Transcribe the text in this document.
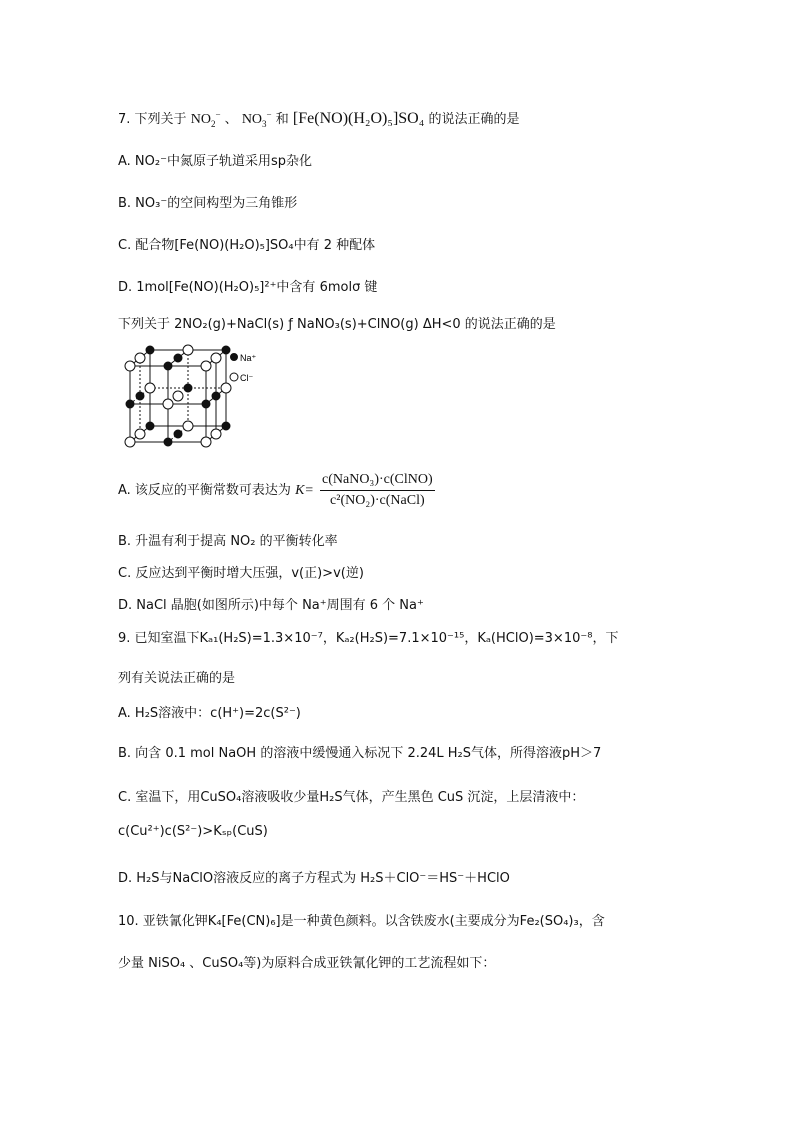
7. 下列关于 $NO_2^-$ 、 $NO_3^-$ 和 [Fe(NO)(H₂O)₅]SO₄ 的说法正确的是
A. NO₂⁻中氮原子轨道采用sp杂化
B. NO₃⁻的空间构型为三角锥形
C. 配合物[Fe(NO)(H₂O)₅]SO₄中有 2 种配体
D. 1mol[Fe(NO)(H₂O)₅]²⁺中含有 6molσ 键
下列关于 2NO₂(g)+NaCl(s) ƒ NaNO₃(s)+ClNO(g) ΔH<0 的说法正确的是
Na⁺
Cl⁻
A. 该反应的平衡常数可表达为 $K= \frac{\text{c(NaNO₃)·c(ClNO)}}{\text{c²(NO₂)·c(NaCl)}}$
B. 升温有利于提高 NO₂ 的平衡转化率
C. 反应达到平衡时增大压强，v(正)>v(逆)
D. NaCl 晶胞(如图所示)中每个 Na⁺周围有 6 个 Na⁺
9. 已知室温下Kₐ₁(H₂S)=1.3×10⁻⁷，Kₐ₂(H₂S)=7.1×10⁻¹⁵，Kₐ(HClO)=3×10⁻⁸，下
列有关说法正确的是
A. H₂S溶液中：c(H⁺)=2c(S²⁻)
B. 向含 0.1 mol NaOH 的溶液中缓慢通入标况下 2.24L H₂S气体，所得溶液pH＞7
C. 室温下，用CuSO₄溶液吸收少量H₂S气体，产生黑色 CuS 沉淀，上层清液中：
c(Cu²⁺)c(S²⁻)>Kₛₚ(CuS)
D. H₂S与NaClO溶液反应的离子方程式为 H₂S＋ClO⁻＝HS⁻＋HClO
10. 亚铁氰化钾K₄[Fe(CN)₆]是一种黄色颜料。以含铁废水(主要成分为Fe₂(SO₄)₃，含
少量 NiSO₄ 、CuSO₄等)为原料合成亚铁氰化钾的工艺流程如下：
